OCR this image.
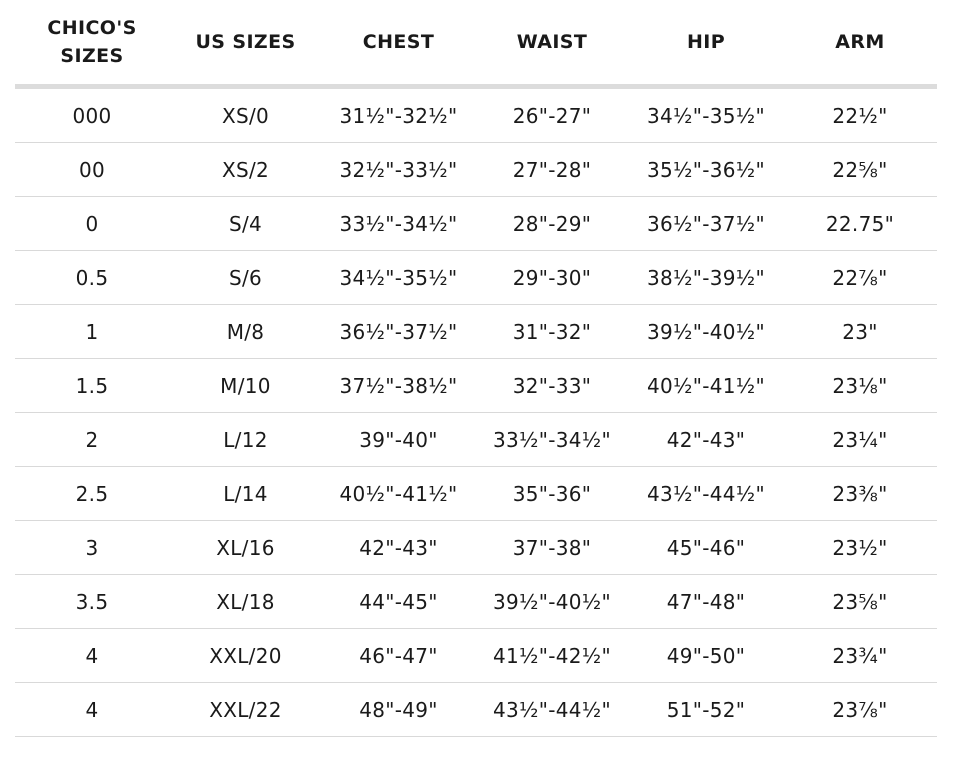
CHICO'S
SIZES	US SIZES	CHEST	WAIST	HIP	ARM
000	XS/0	31½"-32½"	26"-27"	34½"-35½"	22½"
00	XS/2	32½"-33½"	27"-28"	35½"-36½"	22⅝"
0	S/4	33½"-34½"	28"-29"	36½"-37½"	22.75"
0.5	S/6	34½"-35½"	29"-30"	38½"-39½"	22⅞"
1	M/8	36½"-37½"	31"-32"	39½"-40½"	23"
1.5	M/10	37½"-38½"	32"-33"	40½"-41½"	23⅛"
2	L/12	39"-40"	33½"-34½"	42"-43"	23¼"
2.5	L/14	40½"-41½"	35"-36"	43½"-44½"	23⅜"
3	XL/16	42"-43"	37"-38"	45"-46"	23½"
3.5	XL/18	44"-45"	39½"-40½"	47"-48"	23⅝"
4	XXL/20	46"-47"	41½"-42½"	49"-50"	23¾"
4	XXL/22	48"-49"	43½"-44½"	51"-52"	23⅞"
